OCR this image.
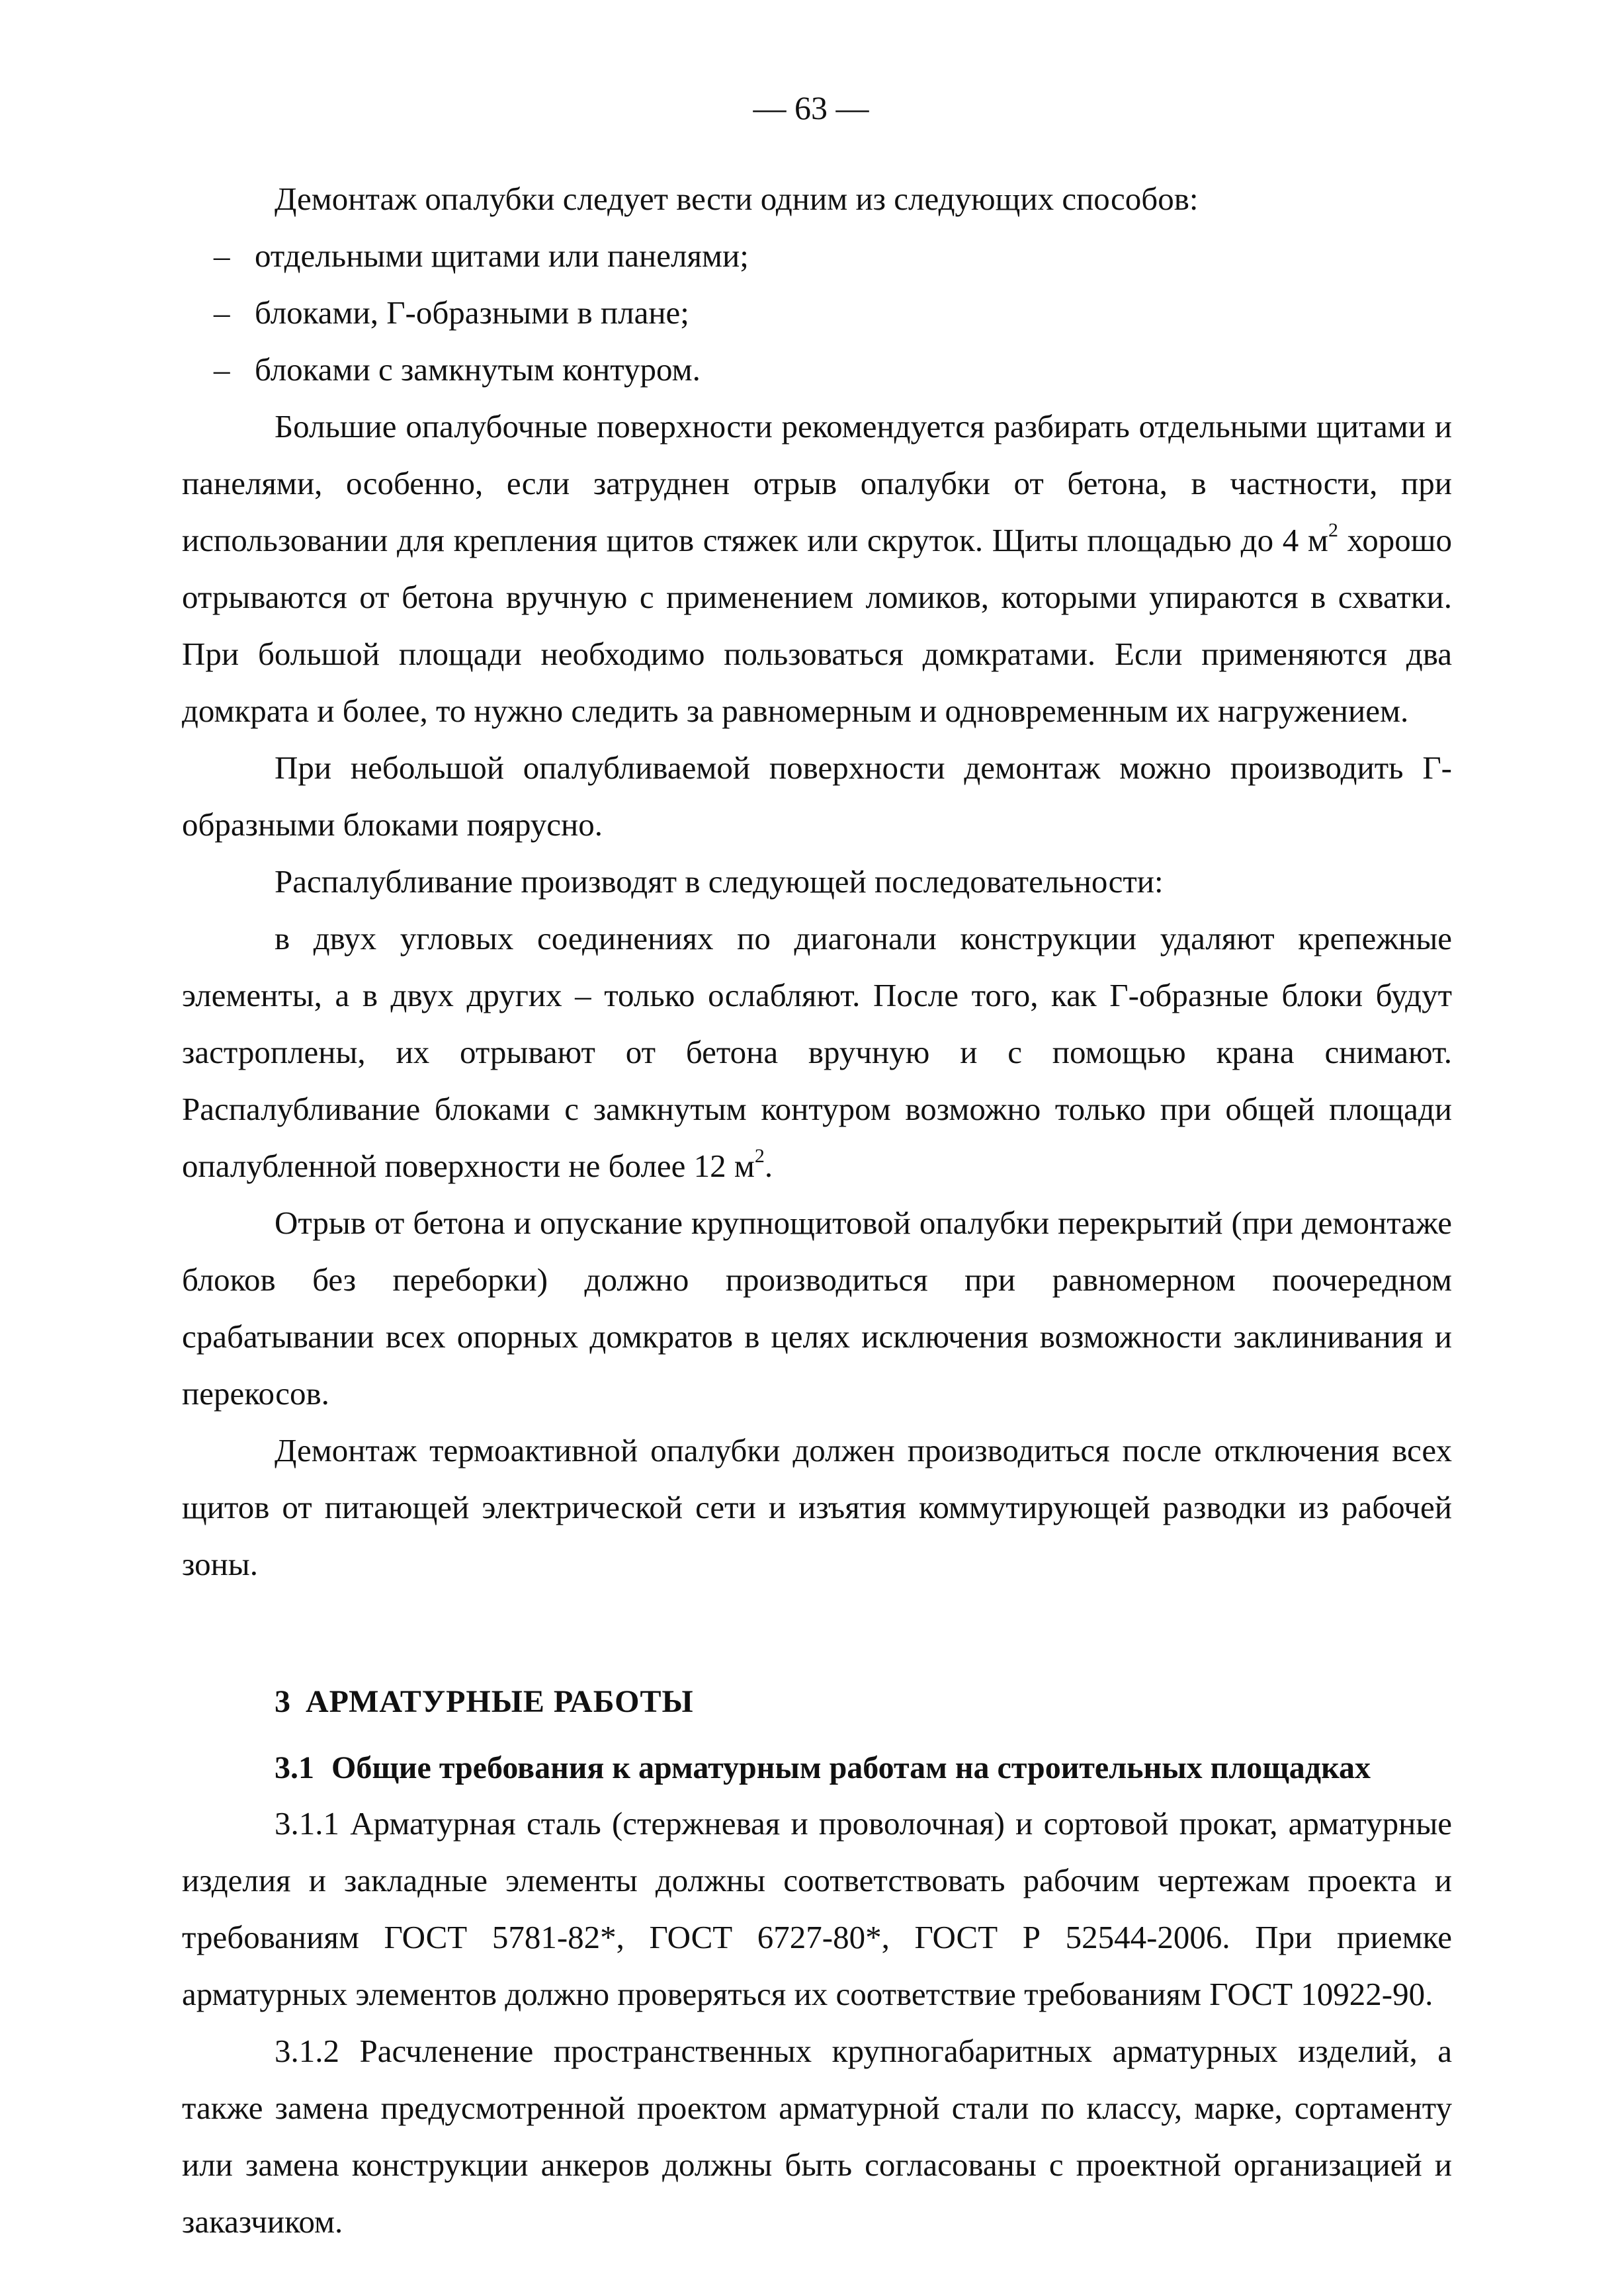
— 63 —

Демонтаж опалубки следует вести одним из следующих способов:

– отдельными щитами или панелями;

– блоками, Г-образными в плане;

– блоками с замкнутым контуром.

Большие опалубочные поверхности рекомендуется разбирать отдельными щитами и панелями, особенно, если затруднен отрыв опалубки от бетона, в частности, при использовании для крепления щитов стяжек или скруток. Щиты площадью до 4 $м^2$ хорошо отрываются от бетона вручную с применением ломиков, которыми упираются в схватки. При большой площади необходимо пользоваться домкратами. Если применяются два домкрата и более, то нужно следить за равномерным и одновременным их нагружением.

При небольшой опалубливаемой поверхности демонтаж можно производить Г-образными блоками поярусно.

Распалубливание производят в следующей последовательности:

в двух угловых соединениях по диагонали конструкции удаляют крепежные элементы, а в двух других – только ослабляют. После того, как Г-образные блоки будут застроплены, их отрывают от бетона вручную и с помощью крана снимают. Распалубливание блоками с замкнутым контуром возможно только при общей площади опалубленной поверхности не более 12 $м^2$.

Отрыв от бетона и опускание крупнощитовой опалубки перекрытий (при демонтаже блоков без переборки) должно производиться при равномерном поочередном срабатывании всех опорных домкратов в целях исключения возможности заклинивания и перекосов.

Демонтаж термоактивной опалубки должен производиться после отключения всех щитов от питающей электрической сети и изъятия коммутирующей разводки из рабочей зоны.

3 АРМАТУРНЫЕ РАБОТЫ

3.1 Общие требования к арматурным работам на строительных площадках

3.1.1 Арматурная сталь (стержневая и проволочная) и сортовой прокат, арматурные изделия и закладные элементы должны соответствовать рабочим чертежам проекта и требованиям ГОСТ 5781-82*, ГОСТ 6727-80*, ГОСТ Р 52544-2006. При приемке арматурных элементов должно проверяться их соответствие требованиям ГОСТ 10922-90.

3.1.2 Расчленение пространственных крупногабаритных арматурных изделий, а также замена предусмотренной проектом арматурной стали по классу, марке, сортаменту или замена конструкции анкеров должны быть согласованы с проектной организацией и заказчиком.
